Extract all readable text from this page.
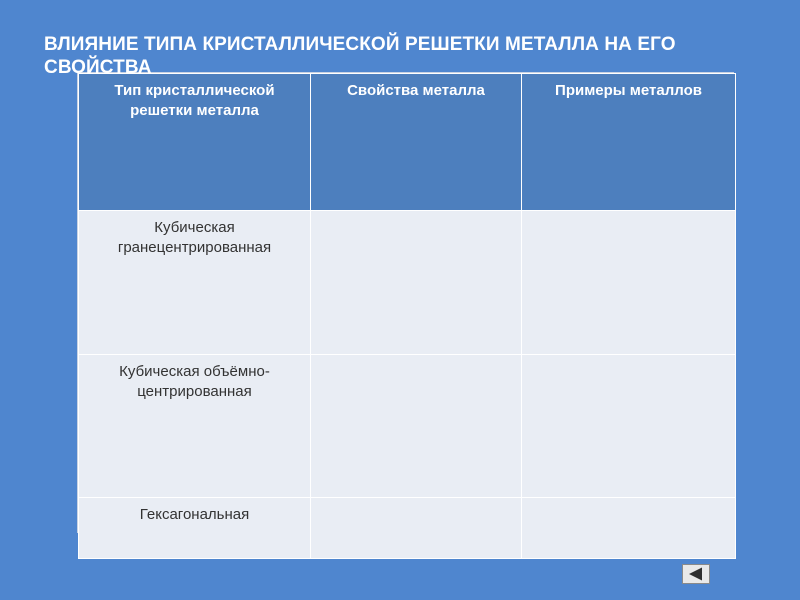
ВЛИЯНИЕ ТИПА КРИСТАЛЛИЧЕСКОЙ РЕШЕТКИ МЕТАЛЛА НА ЕГО СВОЙСТВА
Тип кристаллической решетки металла	Свойства металла	Примеры металлов
Кубическая гранецентрированная		
Кубическая объёмно-центрированная		
Гексагональная		
